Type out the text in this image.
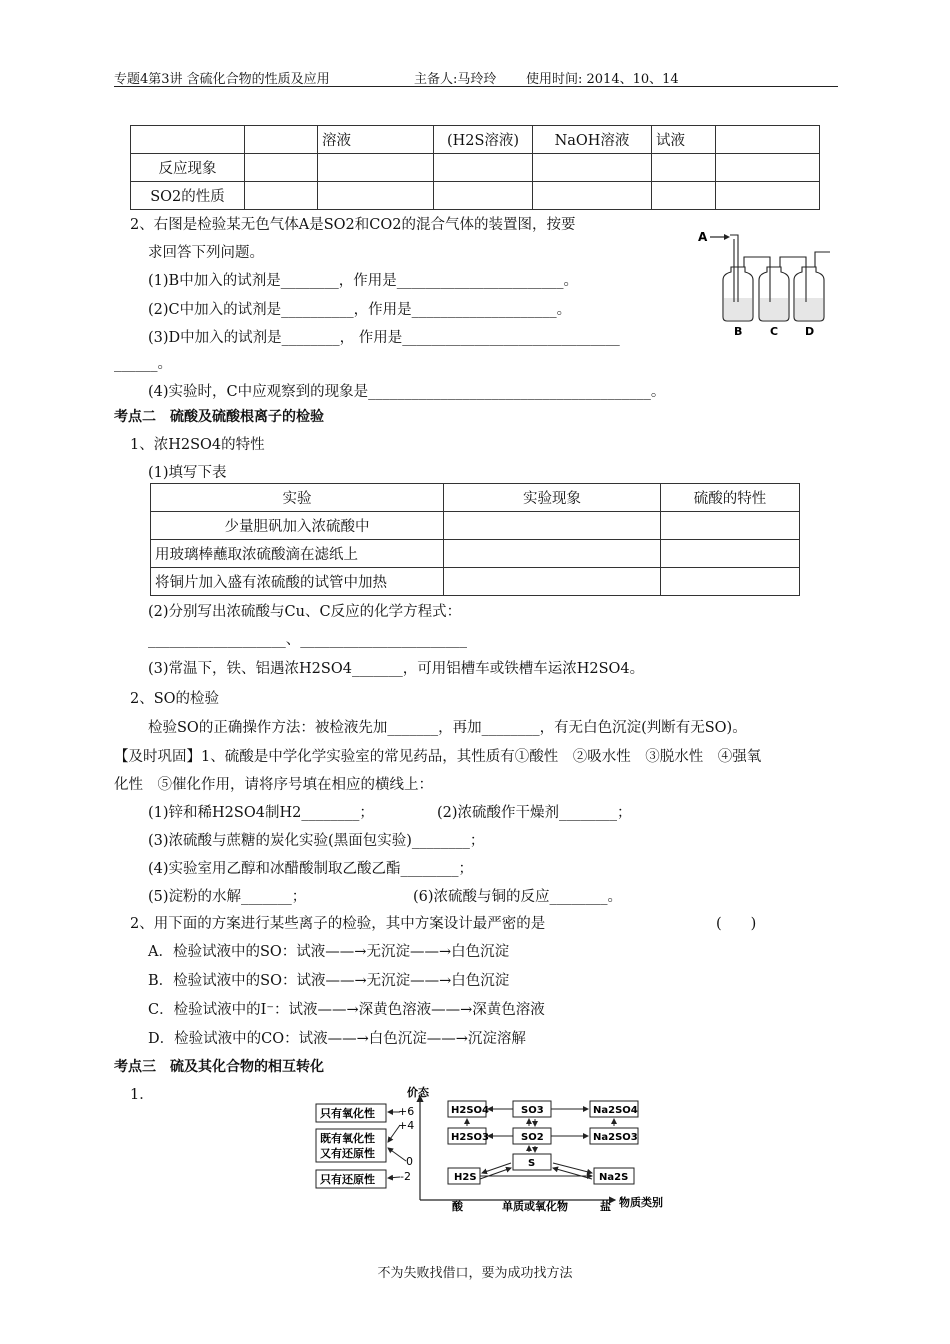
专题4第3讲 含硫化合物的性质及应用	主备人:马玲玲 使用时间: 2014、10、14
		溶液	(H2S溶液)	NaOH溶液	试液	
反应现象						
SO2的性质						
2、右图是检验某无色气体A是SO2和CO2的混合气体的装置图，按要
求回答下列问题。
(1)B中加入的试剂是________，作用是_______________________。
(2)C中加入的试剂是__________，作用是____________________。
(3)D中加入的试剂是________， 作用是______________________________
______。
(4)实验时，C中应观察到的现象是_______________________________________。
A
B	C D
考点二　硫酸及硫酸根离子的检验
1、浓H2SO4的特性
(1)填写下表
实验	实验现象	硫酸的特性
少量胆矾加入浓硫酸中		
用玻璃棒蘸取浓硫酸滴在滤纸上		
将铜片加入盛有浓硫酸的试管中加热		
(2)分别写出浓硫酸与Cu、C反应的化学方程式：
___________________、_______________________
(3)常温下，铁、铝遇浓H2SO4_______，可用铝槽车或铁槽车运浓H2SO4。
2、SO的检验
检验SO的正确操作方法：被检液先加_______，再加________，有无白色沉淀(判断有无SO)。
【及时巩固】1、硫酸是中学化学实验室的常见药品，其性质有①酸性　②吸水性　③脱水性　④强氧
化性　⑤催化作用，请将序号填在相应的横线上：
(1)锌和稀H2SO4制H2________；	(2)浓硫酸作干燥剂________；
(3)浓硫酸与蔗糖的炭化实验(黑面包实验)________；
(4)实验室用乙醇和冰醋酸制取乙酸乙酯________；
(5)淀粉的水解_______；	(6)浓硫酸与铜的反应________。
2、用下面的方案进行某些离子的检验，其中方案设计最严密的是	(　　)
A．检验试液中的SO：试液——→无沉淀——→白色沉淀
B．检验试液中的SO：试液——→无沉淀——→白色沉淀
C．检验试液中的I⁻：试液——→深黄色溶液——→深黄色溶液
D．检验试液中的CO：试液——→白色沉淀——→沉淀溶解
考点三　硫及其化合物的相互转化
1．	价态
物质类别
+6
+4
0
-2
只有氧化性
既有氧化性
又有还原性
只有还原性
H2SO4	SO3	Na2SO4
H2SO3	SO2	Na2SO3
S
H2S	Na2S
酸	单质或氧化物	盐
不为失败找借口，要为成功找方法
